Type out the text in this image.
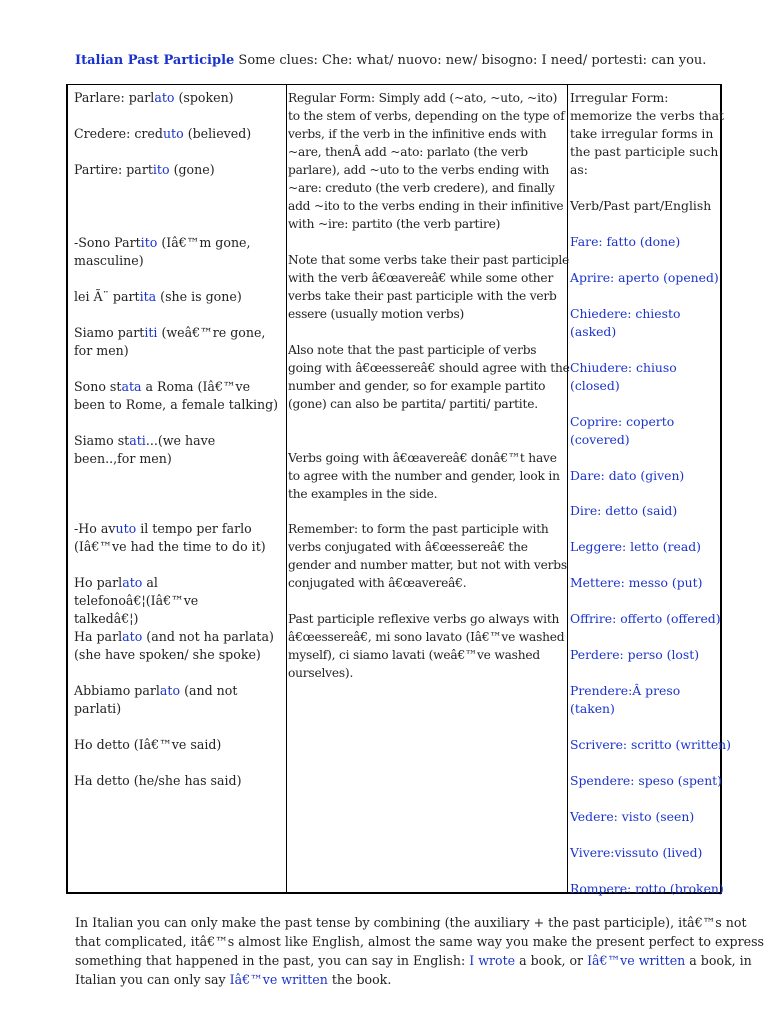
Italian Past Participle Some clues: Che: what/ nuovo: new/ bisogno: I need/ portesti: can you.
Parlare: parlato (spoken)
Credere: creduto (believed)
Partire: partito (gone)
-Sono Partito (Iâ€™m gone, masculine)
lei Ã¨ partita (she is gone)
Siamo partiti (weâ€™re gone, for men)
Sono stata a Roma (Iâ€™ve been to Rome, a female talking)
Siamo stati...(we have been..,for men)
-Ho avuto il tempo per farlo (Iâ€™ve had the time to do it)
Ho parlato al telefonoâ€¦(Iâ€™ve talkedâ€¦)
Ha parlato (and not ha parlata) (she have spoken/ she spoke)
Abbiamo parlato (and not parlati)
Ho detto (Iâ€™ve said)
Ha detto (he/she has said)
Regular Form: Simply add (~ato, ~uto, ~ito) to the stem of verbs, depending on the type of verbs, if the verb in the infinitive ends with ~are, thenÂ add ~ato: parlato (the verb parlare), add ~uto to the verbs ending with ~are: creduto (the verb credere), and finally add ~ito to the verbs ending in their infinitive with ~ire: partito (the verb partire)
Note that some verbs take their past participle with the verb â€œavereâ€ while some other verbs take their past participle with the verb essere (usually motion verbs)
Also note that the past participle of verbs going with â€œessereâ€ should agree with the number and gender, so for example partito (gone) can also be partita/ partiti/ partite.
Verbs going with â€œavereâ€ donâ€™t have to agree with the number and gender, look in the examples in the side.
Remember: to form the past participle with verbs conjugated with â€œessereâ€ the gender and number matter, but not with verbs conjugated with â€œavereâ€.
Past participle reflexive verbs go always with â€œessereâ€, mi sono lavato (Iâ€™ve washed myself), ci siamo lavati (weâ€™ve washed ourselves).
Irregular Form: memorize the verbs that take irregular forms in the past participle such as:
Verb/Past part/English
Fare: fatto (done)
Aprire: aperto (opened)
Chiedere: chiesto (asked)
Chiudere: chiuso (closed)
Coprire: coperto (covered)
Dare: dato (given)
Dire: detto (said)
Leggere: letto (read)
Mettere: messo (put)
Offrire: offerto (offered)
Perdere: perso (lost)
Prendere:Â preso (taken)
Scrivere: scritto (written)
Spendere: speso (spent)
Vedere: visto (seen)
Vivere:vissuto (lived)
Rompere: rotto (broken)
In Italian you can only make the past tense by combining (the auxiliary + the past participle), itâ€™s not that complicated, itâ€™s almost like English, almost the same way you make the present perfect to express something that happened in the past, you can say in English: I wrote a book, or Iâ€™ve written a book, in Italian you can only say Iâ€™ve written the book.
